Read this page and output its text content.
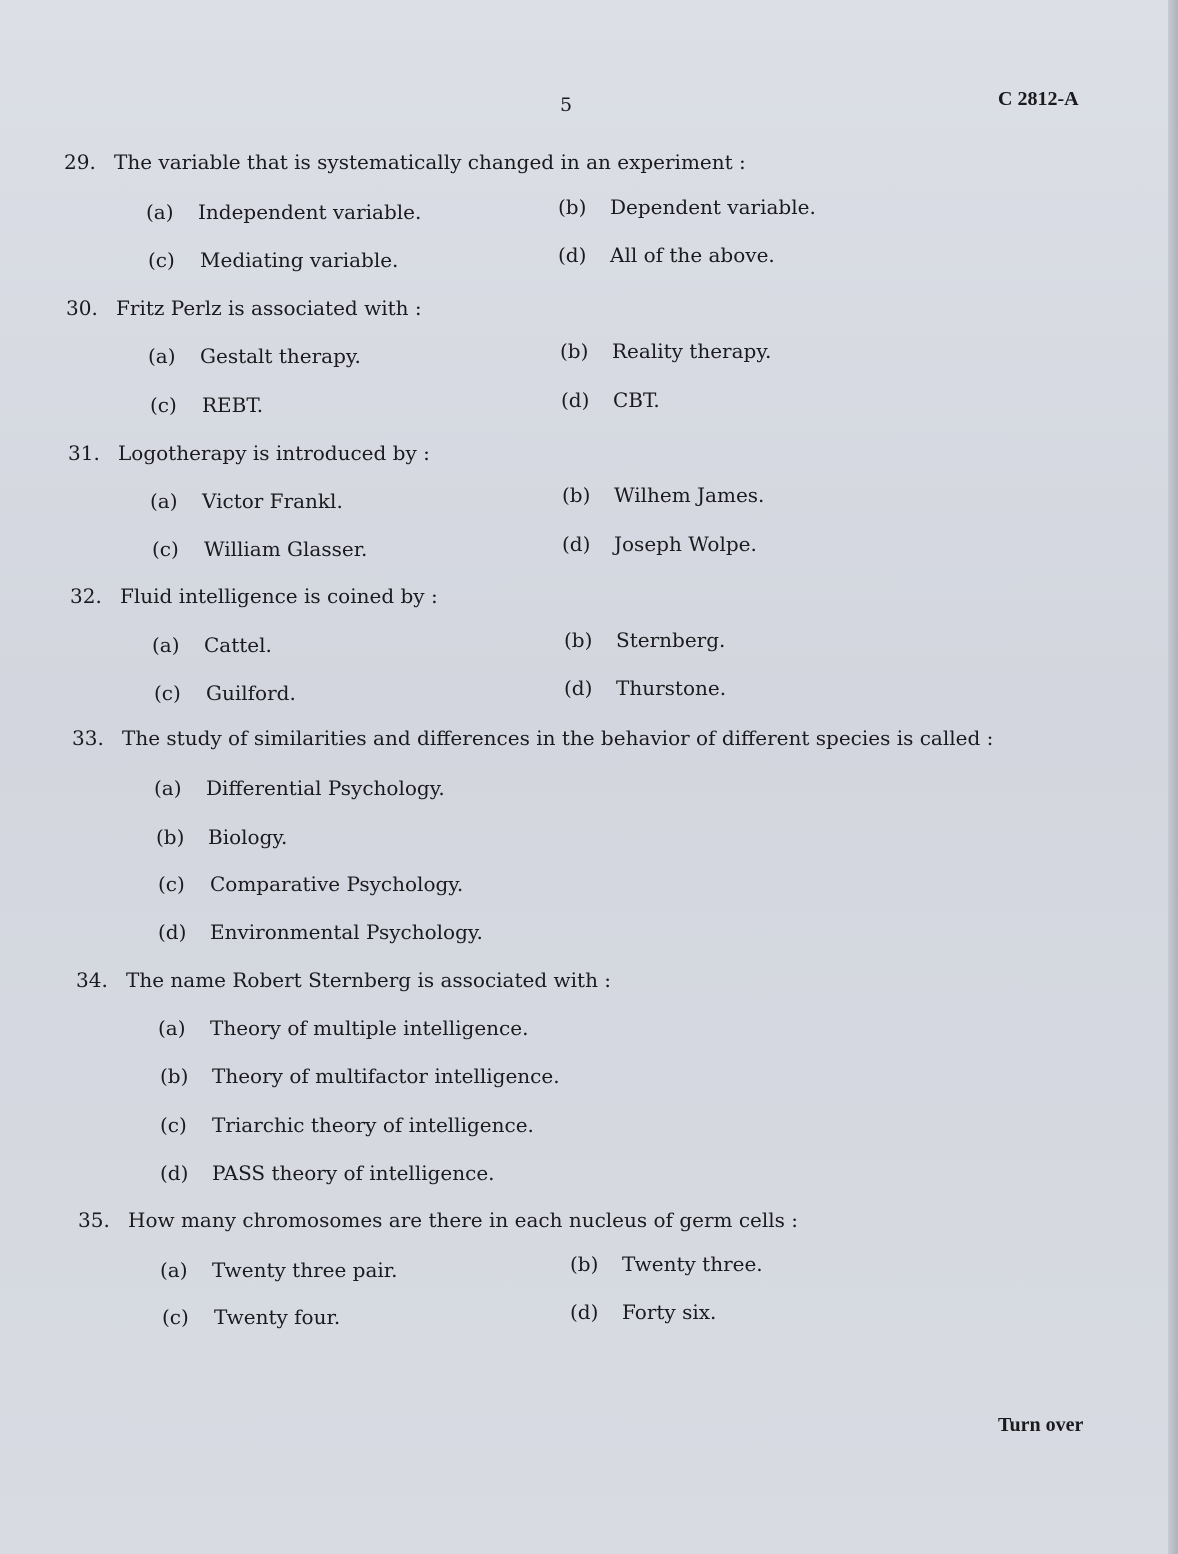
5	C 2812-A
29. The variable that is systematically changed in an experiment :
(a) Independent variable.	(b) Dependent variable.
(c) Mediating variable.	(d) All of the above.
30. Fritz Perlz is associated with :
(a) Gestalt therapy.	(b) Reality therapy.
(c) REBT.	(d) CBT.
31. Logotherapy is introduced by :
(a) Victor Frankl.	(b) Wilhem James.
(c) William Glasser.	(d) Joseph Wolpe.
32. Fluid intelligence is coined by :
(a) Cattel.	(b) Sternberg.
(c) Guilford.	(d) Thurstone.
33. The study of similarities and differences in the behavior of different species is called :
(a) Differential Psychology.
(b) Biology.
(c) Comparative Psychology.
(d) Environmental Psychology.
34. The name Robert Sternberg is associated with :
(a) Theory of multiple intelligence.
(b) Theory of multifactor intelligence.
(c) Triarchic theory of intelligence.
(d) PASS theory of intelligence.
35. How many chromosomes are there in each nucleus of germ cells :
(a) Twenty three pair.	(b) Twenty three.
(c) Twenty four.	(d) Forty six.
Turn over
